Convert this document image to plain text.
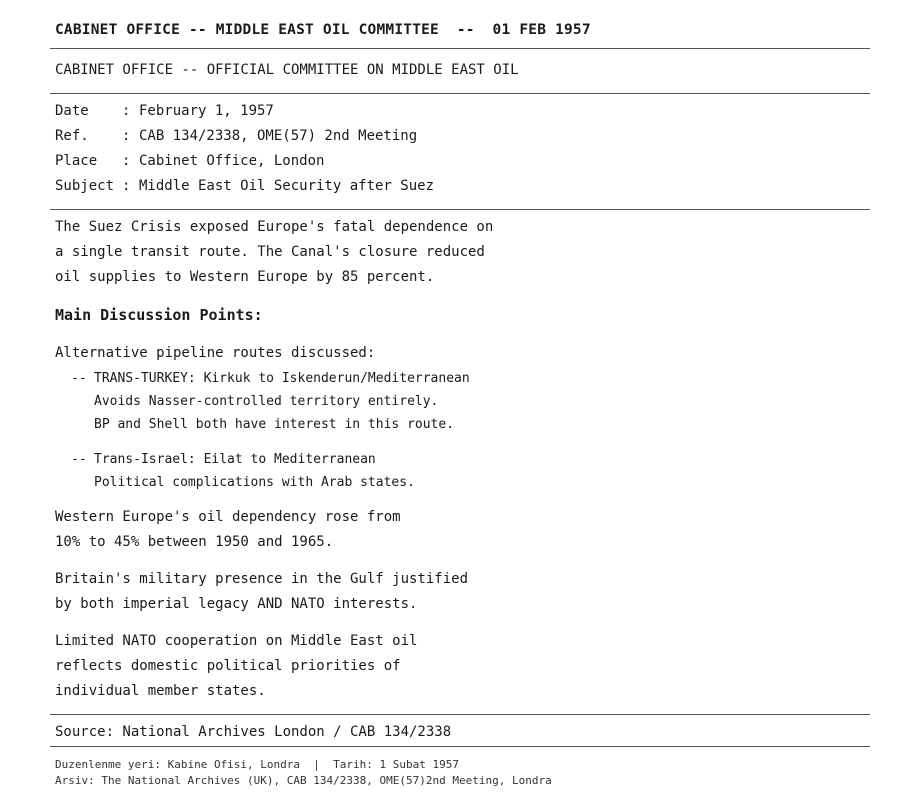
CABINET OFFICE -- MIDDLE EAST OIL COMMITTEE  --  01 FEB 1957
CABINET OFFICE -- OFFICIAL COMMITTEE ON MIDDLE EAST OIL
Date : February 1, 1957
Ref. : CAB 134/2338, OME(57) 2nd Meeting
Place : Cabinet Office, London
Subject : Middle East Oil Security after Suez
The Suez Crisis exposed Europe's fatal dependence on
a single transit route. The Canal's closure reduced
oil supplies to Western Europe by 85 percent.
Main Discussion Points:
Alternative pipeline routes discussed:
-- TRANS-TURKEY: Kirkuk to Iskenderun/Mediterranean
Avoids Nasser-controlled territory entirely.
BP and Shell both have interest in this route.
-- Trans-Israel: Eilat to Mediterranean
Political complications with Arab states.
Western Europe's oil dependency rose from
10% to 45% between 1950 and 1965.
Britain's military presence in the Gulf justified
by both imperial legacy AND NATO interests.
Limited NATO cooperation on Middle East oil
reflects domestic political priorities of
individual member states.
Source: National Archives London / CAB 134/2338
Duzenlenme yeri: Kabine Ofisi, Londra  |  Tarih: 1 Subat 1957
Arsiv: The National Archives (UK), CAB 134/2338, OME(57)2nd Meeting, Londra
